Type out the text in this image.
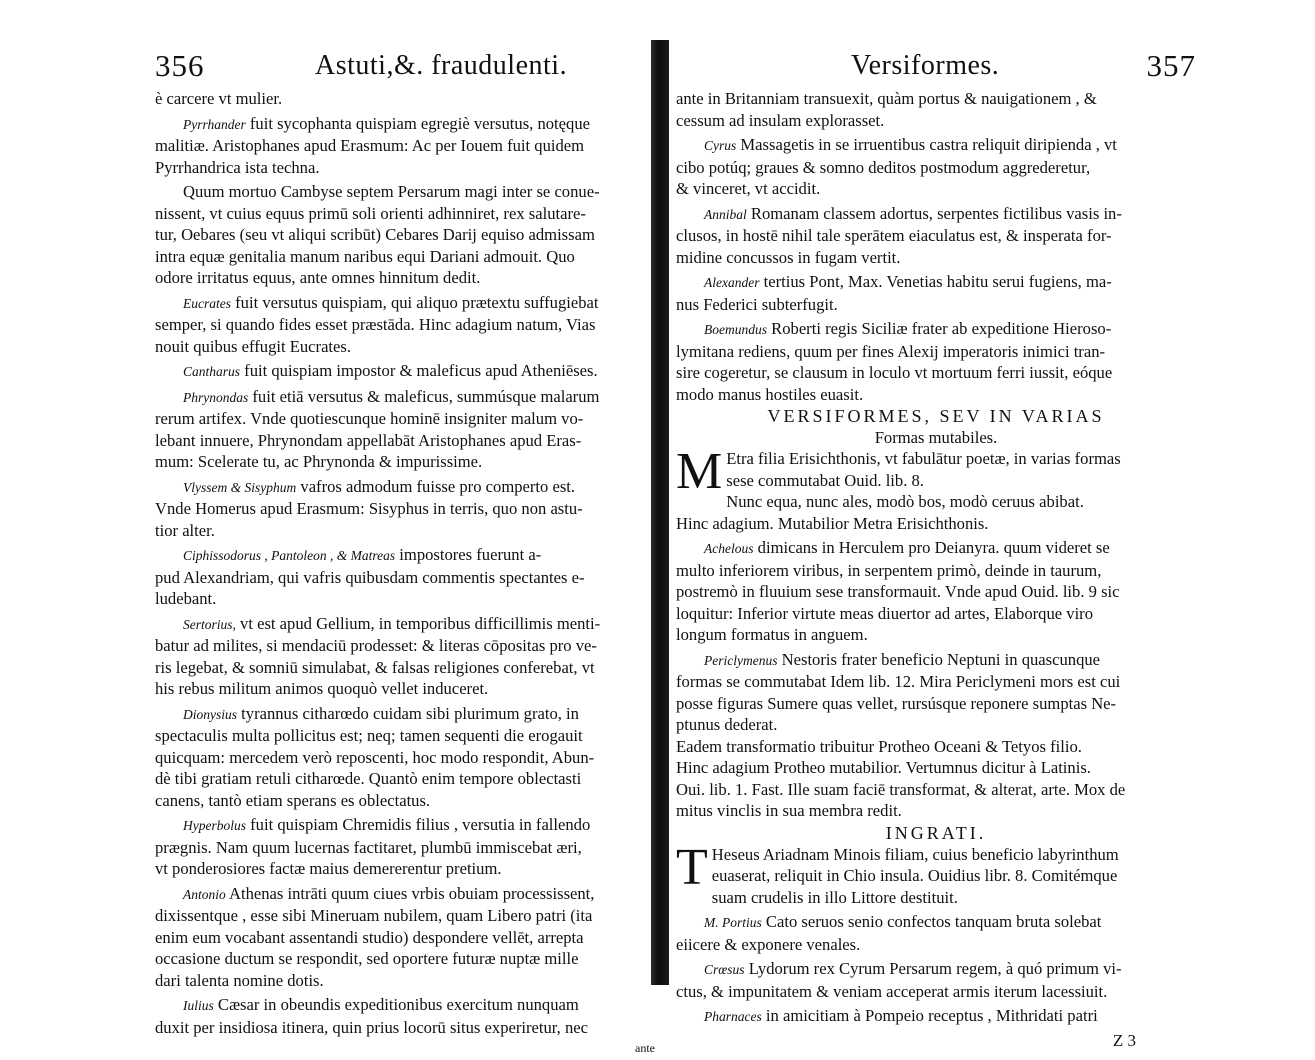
356	Astuti,&. fraudulenti.
è carcere vt mulier.
Pyrrhander fuit sycophanta quispiam egregiè versutus, notęque
malitiæ. Aristophanes apud Erasmum: Ac per Iouem fuit quidem
Pyrrhandrica ista techna.
Quum mortuo Cambyse septem Persarum magi inter se conue-
nissent, vt cuius equus primū soli orienti adhinniret, rex salutare-
tur, Oebares (seu vt aliqui scribūt) Cebares Darij equiso admissam
intra equæ genitalia manum naribus equi Dariani admouit. Quo
odore irritatus equus, ante omnes hinnitum dedit.
Eucrates fuit versutus quispiam, qui aliquo prætextu suffugiebat
semper, si quando fides esset præstāda. Hinc adagium natum, Vias
nouit quibus effugit Eucrates.
Cantharus fuit quispiam impostor & maleficus apud Atheniēses.
Phrynondas fuit etiā versutus & maleficus, summúsque malarum
rerum artifex. Vnde quotiescunque hominē insigniter malum vo-
lebant innuere, Phrynondam appellabāt Aristophanes apud Eras-
mum: Scelerate tu, ac Phrynonda & impurissime.
Vlyssem & Sisyphum vafros admodum fuisse pro comperto est.
Vnde Homerus apud Erasmum: Sisyphus in terris, quo non astu-
tior alter.
Ciphissodorus , Pantoleon , & Matreas impostores fuerunt a-
pud Alexandriam, qui vafris quibusdam commentis spectantes e-
ludebant.
Sertorius, vt est apud Gellium, in temporibus difficillimis menti-
batur ad milites, si mendaciū prodesset: & literas cōpositas pro ve-
ris legebat, & somniū simulabat, & falsas religiones conferebat, vt
his rebus militum animos quoquò vellet induceret.
Dionysius tyrannus citharœdo cuidam sibi plurimum grato, in
spectaculis multa pollicitus est; neq; tamen sequenti die erogauit
quicquam: mercedem verò reposcenti, hoc modo respondit, Abun-
dè tibi gratiam retuli citharœde. Quantò enim tempore oblectasti
canens, tantò etiam sperans es oblectatus.
Hyperbolus fuit quispiam Chremidis filius , versutia in fallendo
prægnis. Nam quum lucernas factitaret, plumbū immiscebat æri,
vt ponderosiores factæ maius demererentur pretium.
Antonio Athenas intrāti quum ciues vrbis obuiam processissent,
dixissentque , esse sibi Mineruam nubilem, quam Libero patri (ita
enim eum vocabant assentandi studio) despondere vellēt, arrepta
occasione ductum se respondit, sed oportere futuræ nuptæ mille
dari talenta nomine dotis.
Iulius Cæsar in obeundis expeditionibus exercitum nunquam
duxit per insidiosa itinera, quin prius locorū situs experiretur, nec
ante
Versiformes.	357
ante in Britanniam transuexit, quàm portus & nauigationem , &
cessum ad insulam explorasset.
Cyrus Massagetis in se irruentibus castra reliquit diripienda , vt
cibo potúq; graues & somno deditos postmodum aggrederetur,
& vinceret, vt accidit.
Annibal Romanam classem adortus, serpentes fictilibus vasis in-
clusos, in hostē nihil tale sperātem eiaculatus est, & insperata for-
midine concussos in fugam vertit.
Alexander tertius Pont, Max. Venetias habitu serui fugiens, ma-
nus Federici subterfugit.
Boemundus Roberti regis Siciliæ frater ab expeditione Hieroso-
lymitana rediens, quum per fines Alexij imperatoris inimici tran-
sire cogeretur, se clausum in loculo vt mortuum ferri iussit, eóque
modo manus hostiles euasit.
VERSIFORMES, SEV IN VARIAS
Formas mutabiles.
M Etra filia Erisichthonis, vt fabulātur poetæ, in varias formas
sese commutabat Ouid. lib. 8.
Nunc equa, nunc ales, modò bos, modò ceruus abibat.
Hinc adagium. Mutabilior Metra Erisichthonis.
Achelous dimicans in Herculem pro Deianyra. quum videret se
multo inferiorem viribus, in serpentem primò, deinde in taurum,
postremò in fluuium sese transformauit. Vnde apud Ouid. lib. 9 sic
loquitur: Inferior virtute meas diuertor ad artes, Elaborque viro
longum formatus in anguem.
Periclymenus Nestoris frater beneficio Neptuni in quascunque
formas se commutabat Idem lib. 12. Mira Periclymeni mors est cui
posse figuras Sumere quas vellet, rursúsque reponere sumptas Ne-
ptunus dederat.
Eadem transformatio tribuitur Protheo Oceani & Tetyos filio.
Hinc adagium Protheo mutabilior. Vertumnus dicitur à Latinis.
Oui. lib. 1. Fast. Ille suam faciē transformat, & alterat, arte. Mox de
mitus vinclis in sua membra redit.
INGRATI.
T Heseus Ariadnam Minois filiam, cuius beneficio labyrinthum
euaserat, reliquit in Chio insula. Ouidius libr. 8. Comitémque
suam crudelis in illo Littore destituit.
M. Portius Cato seruos senio confectos tanquam bruta solebat
eiicere & exponere venales.
Crœsus Lydorum rex Cyrum Persarum regem, à quó primum vi-
ctus, & impunitatem & veniam acceperat armis iterum lacessiuit.
Pharnaces in amicitiam à Pompeio receptus , Mithridati patri
Z 3
